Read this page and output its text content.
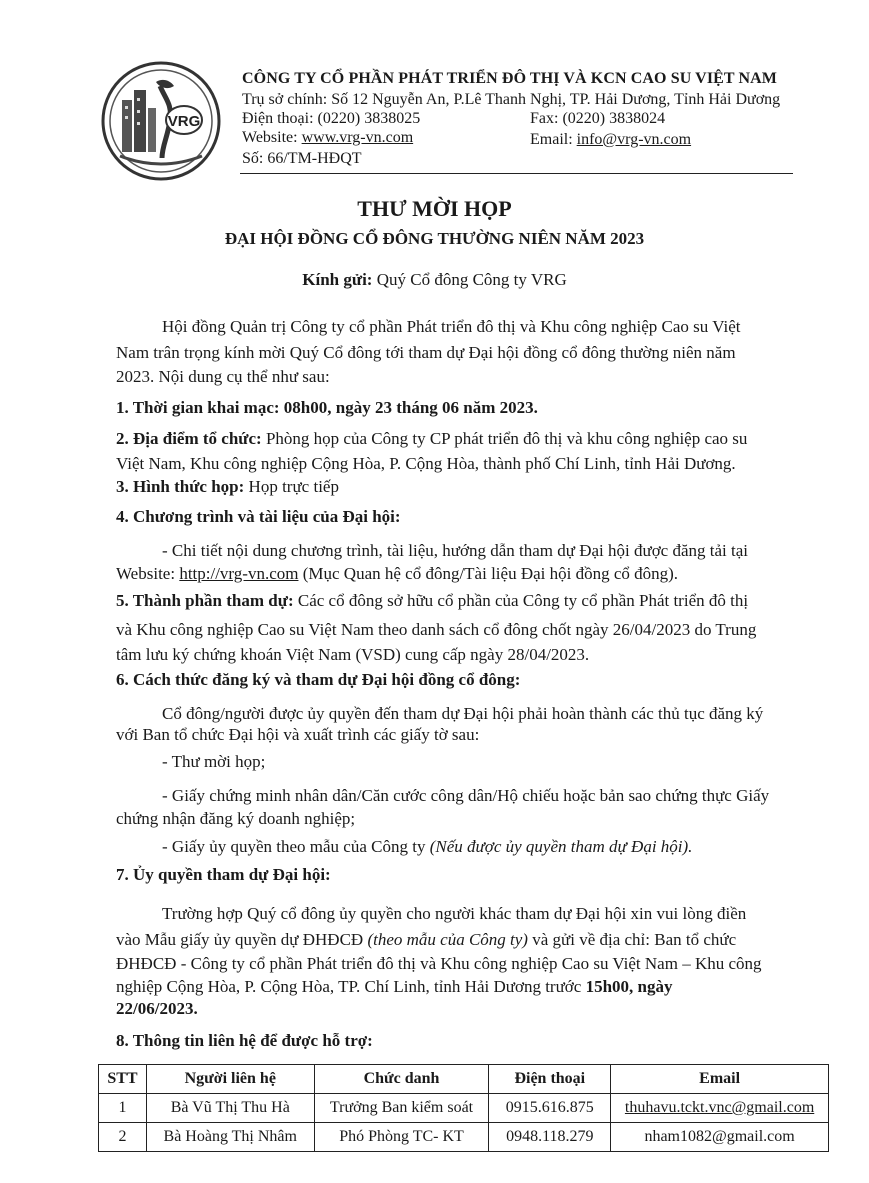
VRG
CÔNG TY CỔ PHẦN PHÁT TRIỂN ĐÔ THỊ VÀ KCN CAO SU VIỆT NAM
Trụ sở chính: Số 12 Nguyễn An, P.Lê Thanh Nghị, TP. Hải Dương, Tỉnh Hải Dương
Điện thoại: (0220) 3838025	Fax: (0220) 3838024
Website: www.vrg-vn.com	Email: info@vrg-vn.com
Số: 66/TM-HĐQT
THƯ MỜI HỌP
ĐẠI HỘI ĐỒNG CỔ ĐÔNG THƯỜNG NIÊN NĂM 2023
Kính gửi: Quý Cổ đông Công ty VRG
Hội đồng Quản trị Công ty cổ phần Phát triển đô thị và Khu công nghiệp Cao su Việt
Nam trân trọng kính mời Quý Cổ đông tới tham dự Đại hội đồng cổ đông thường niên năm
2023. Nội dung cụ thể như sau:
1. Thời gian khai mạc: 08h00, ngày 23 tháng 06 năm 2023.
2. Địa điểm tổ chức: Phòng họp của Công ty CP phát triển đô thị và khu công nghiệp cao su
Việt Nam, Khu công nghiệp Cộng Hòa, P. Cộng Hòa, thành phố Chí Linh, tỉnh Hải Dương.
3. Hình thức họp: Họp trực tiếp
4. Chương trình và tài liệu của Đại hội:
- Chi tiết nội dung chương trình, tài liệu, hướng dẫn tham dự Đại hội được đăng tải tại
Website: http://vrg-vn.com (Mục Quan hệ cổ đông/Tài liệu Đại hội đồng cổ đông).
5. Thành phần tham dự: Các cổ đông sở hữu cổ phần của Công ty cổ phần Phát triển đô thị
và Khu công nghiệp Cao su Việt Nam theo danh sách cổ đông chốt ngày 26/04/2023 do Trung
tâm lưu ký chứng khoán Việt Nam (VSD) cung cấp ngày 28/04/2023.
6. Cách thức đăng ký và tham dự Đại hội đồng cổ đông:
Cổ đông/người được ủy quyền đến tham dự Đại hội phải hoàn thành các thủ tục đăng ký
với Ban tổ chức Đại hội và xuất trình các giấy tờ sau:
- Thư mời họp;
- Giấy chứng minh nhân dân/Căn cước công dân/Hộ chiếu hoặc bản sao chứng thực Giấy
chứng nhận đăng ký doanh nghiệp;
- Giấy ủy quyền theo mẫu của Công ty (Nếu được ủy quyền tham dự Đại hội).
7. Ủy quyền tham dự Đại hội:
Trường hợp Quý cổ đông ủy quyền cho người khác tham dự Đại hội xin vui lòng điền
vào Mẫu giấy ủy quyền dự ĐHĐCĐ (theo mẫu của Công ty) và gửi về địa chỉ: Ban tổ chức
ĐHĐCĐ - Công ty cổ phần Phát triển đô thị và Khu công nghiệp Cao su Việt Nam – Khu công
nghiệp Cộng Hòa, P. Cộng Hòa, TP. Chí Linh, tỉnh Hải Dương trước 15h00, ngày
22/06/2023.
8. Thông tin liên hệ để được hỗ trợ:
STT	Người liên hệ	Chức danh	Điện thoại	Email
1	Bà Vũ Thị Thu Hà	Trưởng Ban kiểm soát	0915.616.875	thuhavu.tckt.vnc@gmail.com
2	Bà Hoàng Thị Nhâm	Phó Phòng TC- KT	0948.118.279	nham1082@gmail.com
